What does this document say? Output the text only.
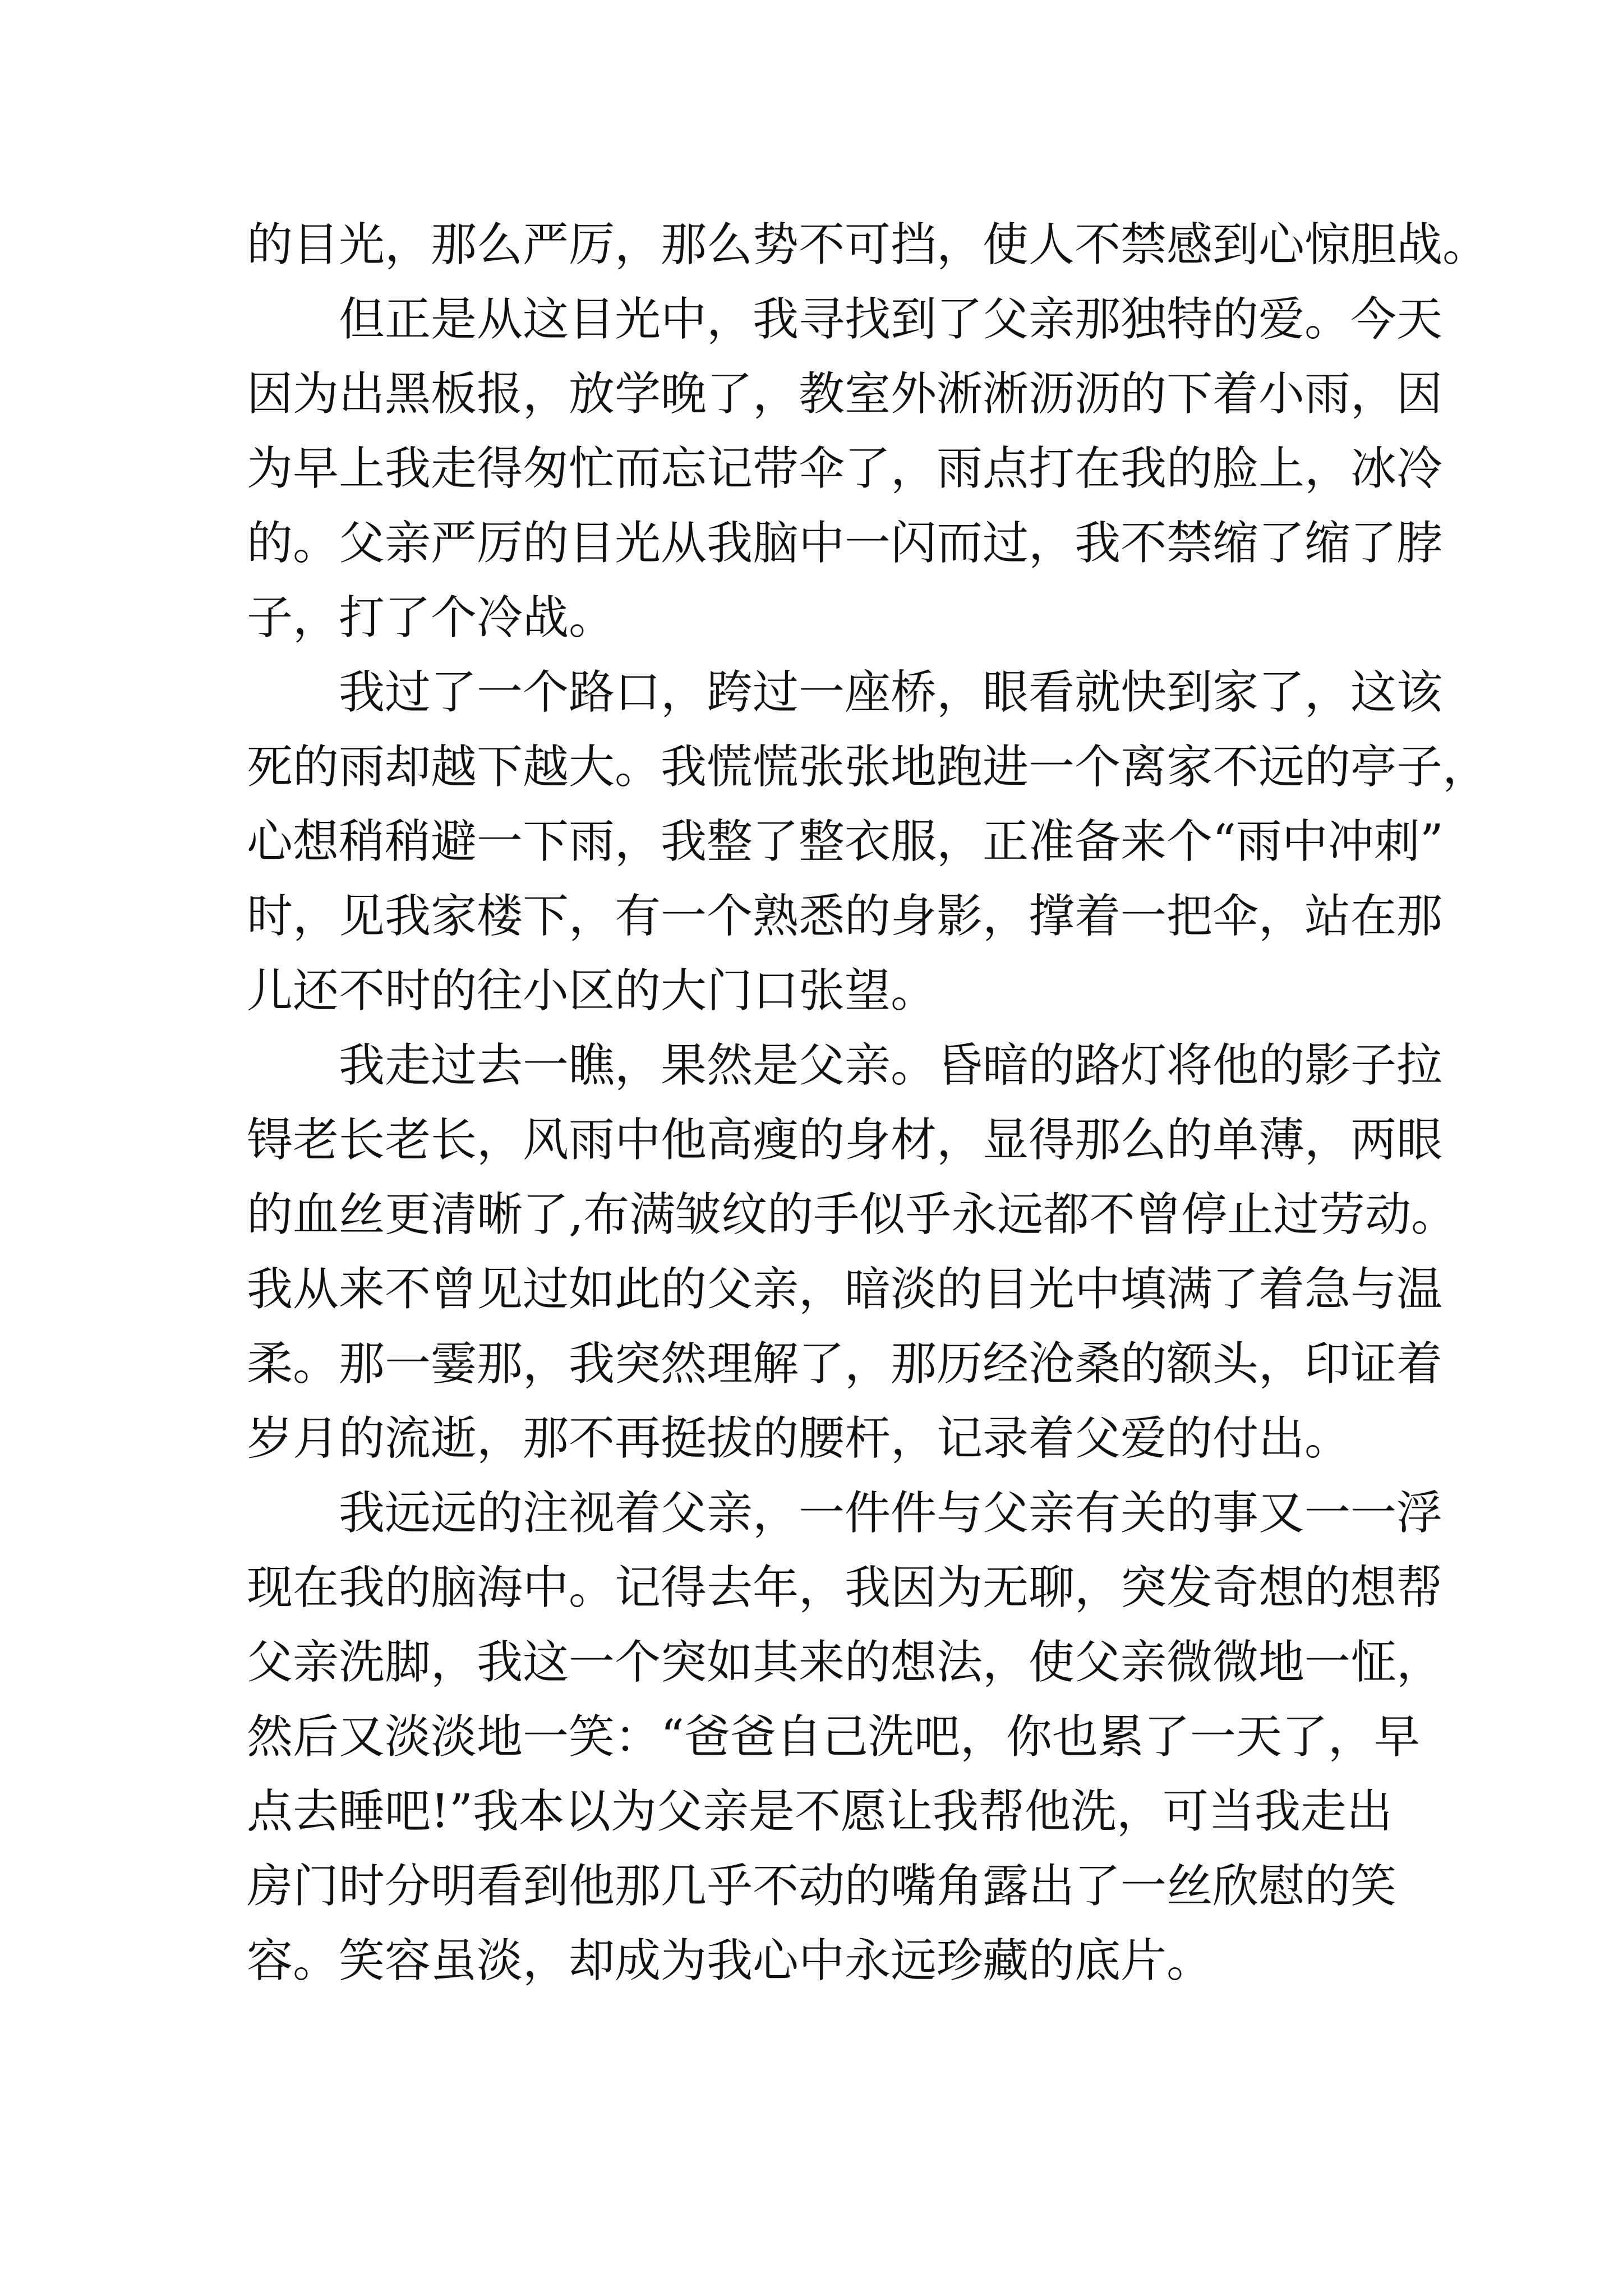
的目光，那么严厉，那么势不可挡，使人不禁感到心惊胆战。
但正是从这目光中，我寻找到了父亲那独特的爱。今天
因为出黑板报，放学晚了，教室外淅淅沥沥的下着小雨，因
为早上我走得匆忙而忘记带伞了，雨点打在我的脸上，冰冷
的。父亲严厉的目光从我脑中一闪而过，我不禁缩了缩了脖
子，打了个冷战。
我过了一个路口，跨过一座桥，眼看就快到家了，这该
死的雨却越下越大。我慌慌张张地跑进一个离家不远的亭子，
心想稍稍避一下雨，我整了整衣服，正准备来个“雨中冲刺”
时，见我家楼下，有一个熟悉的身影，撑着一把伞，站在那
儿还不时的往小区的大门口张望。
我走过去一瞧，果然是父亲。昏暗的路灯将他的影子拉
锝老长老长，风雨中他高瘦的身材，显得那么的单薄，两眼
的血丝更清晰了,布满皱纹的手似乎永远都不曾停止过劳动。
我从来不曾见过如此的父亲，暗淡的目光中填满了着急与温
柔。那一霎那，我突然理解了，那历经沧桑的额头，印证着
岁月的流逝，那不再挺拔的腰杆，记录着父爱的付出。
我远远的注视着父亲，一件件与父亲有关的事又一一浮
现在我的脑海中。记得去年，我因为无聊，突发奇想的想帮
父亲洗脚，我这一个突如其来的想法，使父亲微微地一怔，
然后又淡淡地一笑：“爸爸自己洗吧，你也累了一天了，早
点去睡吧!”我本以为父亲是不愿让我帮他洗，可当我走出
房门时分明看到他那几乎不动的嘴角露出了一丝欣慰的笑
容。笑容虽淡，却成为我心中永远珍藏的底片。
